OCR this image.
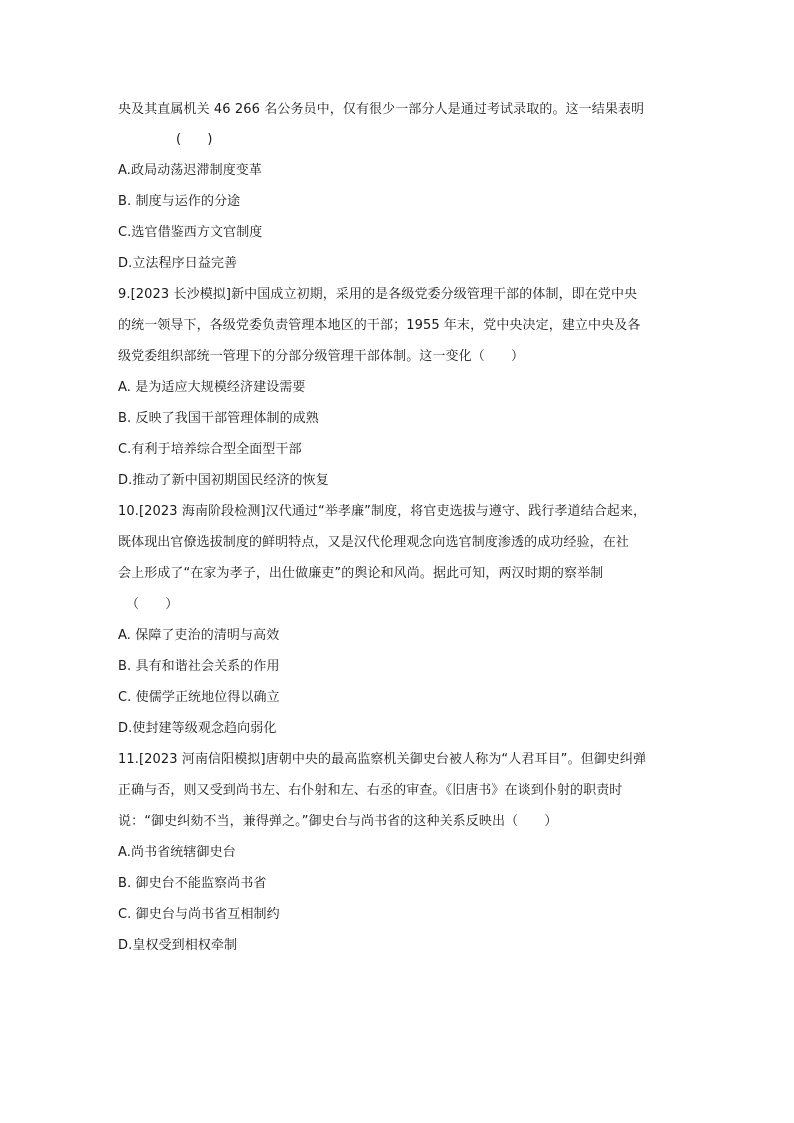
央及其直属机关 46 266 名公务员中，仅有很少一部分人是通过考试录取的。这一结果表明
(　　)
A.政局动荡迟滞制度变革
B. 制度与运作的分途
C.选官借鉴西方文官制度
D.立法程序日益完善
9.[2023 长沙模拟]新中国成立初期，采用的是各级党委分级管理干部的体制，即在党中央
的统一领导下，各级党委负责管理本地区的干部；1955 年末，党中央决定，建立中央及各
级党委组织部统一管理下的分部分级管理干部体制。这一变化（　　）
A. 是为适应大规模经济建设需要
B. 反映了我国干部管理体制的成熟
C.有利于培养综合型全面型干部
D.推动了新中国初期国民经济的恢复
10.[2023 海南阶段检测]汉代通过“举孝廉”制度，将官吏选拔与遵守、践行孝道结合起来，
既体现出官僚选拔制度的鲜明特点，又是汉代伦理观念向选官制度渗透的成功经验，在社
会上形成了“在家为孝子，出仕做廉吏”的舆论和风尚。据此可知，两汉时期的察举制
（　　）
A. 保障了吏治的清明与高效
B. 具有和谐社会关系的作用
C. 使儒学正统地位得以确立
D.使封建等级观念趋向弱化
11.[2023 河南信阳模拟]唐朝中央的最高监察机关御史台被人称为“人君耳目”。但御史纠弹
正确与否，则又受到尚书左、右仆射和左、右丞的审查。《旧唐书》在谈到仆射的职责时
说：“御史纠劾不当，兼得弹之。”御史台与尚书省的这种关系反映出（　　）
A.尚书省统辖御史台
B. 御史台不能监察尚书省
C. 御史台与尚书省互相制约
D.皇权受到相权牵制
